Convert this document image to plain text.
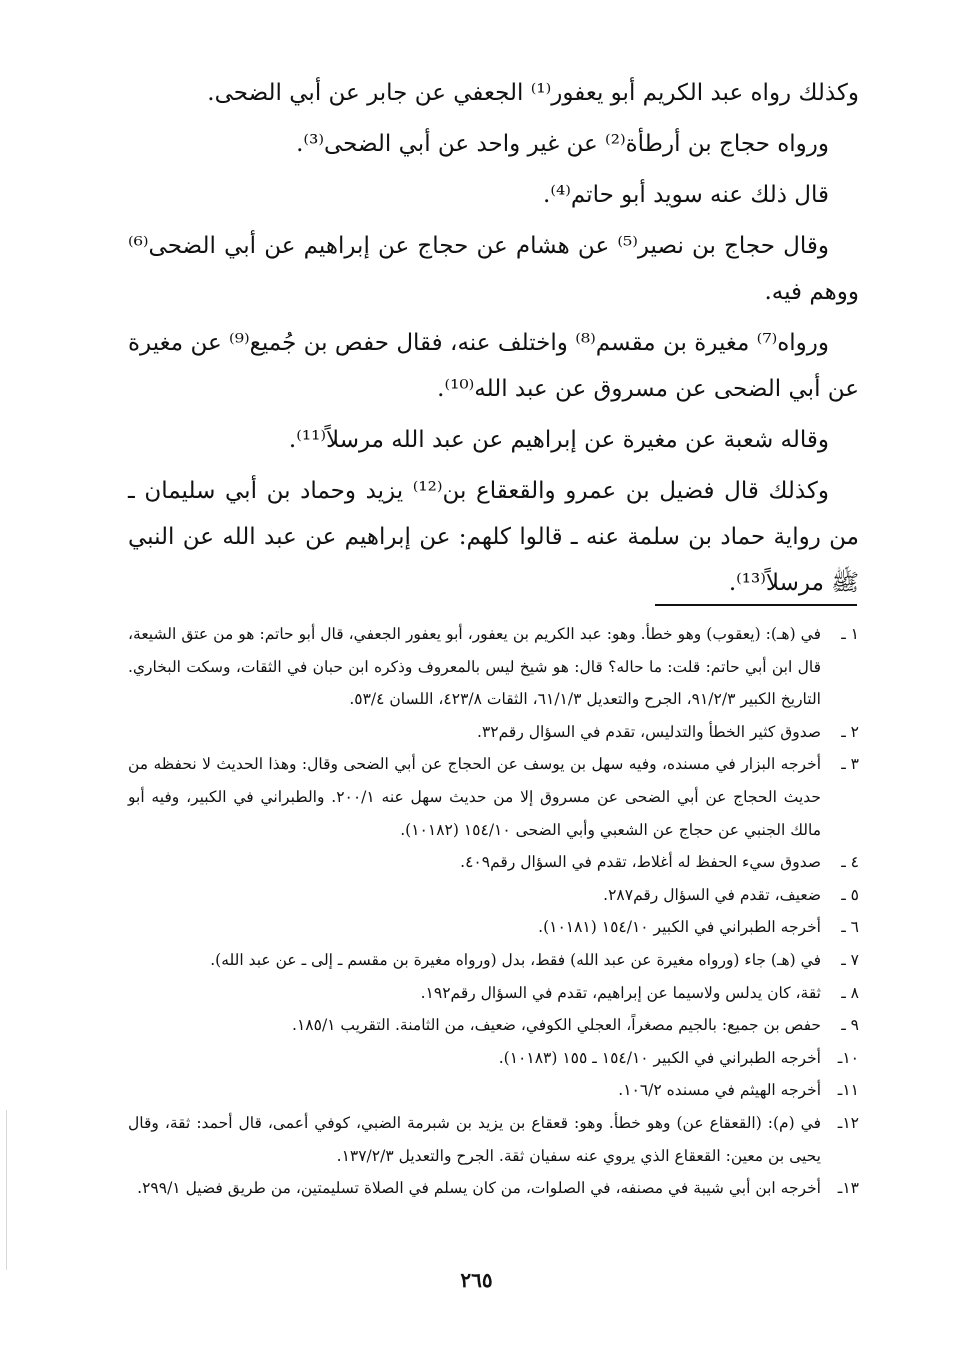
وكذلك رواه عبد الكريم أبو يعفور⁽¹⁾ الجعفي عن جابر عن أبي الضحى.

ورواه حجاج بن أرطأة⁽²⁾ عن غير واحد عن أبي الضحى⁽³⁾.

قال ذلك عنه سويد أبو حاتم⁽⁴⁾.

وقال حجاج بن نصير⁽⁵⁾ عن هشام عن حجاج عن إبراهيم عن أبي الضحى⁽⁶⁾ ووهم فيه.

ورواه⁽⁷⁾ مغيرة بن مقسم⁽⁸⁾ واختلف عنه، فقال حفص بن جُميع⁽⁹⁾ عن مغيرة عن أبي الضحى عن مسروق عن عبد الله⁽¹⁰⁾.

وقاله شعبة عن مغيرة عن إبراهيم عن عبد الله مرسلاً⁽¹¹⁾.

وكذلك قال فضيل بن عمرو والقعقاع بن⁽¹²⁾ يزيد وحماد بن أبي سليمان ـ من رواية حماد بن سلمة عنه ـ قالوا كلهم: عن إبراهيم عن عبد الله عن النبي ﷺ مرسلاً⁽¹³⁾.

١ ـ
في (هـ): (يعقوب) وهو خطأ. وهو: عبد الكريم بن يعفور، أبو يعفور الجعفي، قال أبو حاتم: هو من عتق الشيعة، قال ابن أبي حاتم: قلت: ما حاله؟ قال: هو شيخ ليس بالمعروف وذكره ابن حبان في الثقات، وسكت البخاري. التاريخ الكبير ٩١/٢/٣، الجرح والتعديل ٦١/١/٣، الثقات ٤٢٣/٨، اللسان ٥٣/٤.
٢ ـ
صدوق كثير الخطأ والتدليس، تقدم في السؤال رقم٣٢.
٣ ـ
أخرجه البزار في مسنده، وفيه سهل بن يوسف عن الحجاج عن أبي الضحى وقال: وهذا الحديث لا نحفظه من حديث الحجاج عن أبي الضحى عن مسروق إلا من حديث سهل عنه ٢٠٠/١. والطبراني في الكبير، وفيه أبو مالك الجنبي عن حجاج عن الشعبي وأبي الضحى ١٥٤/١٠ (١٠١٨٢).
٤ ـ
صدوق سيء الحفظ له أغلاط، تقدم في السؤال رقم٤٠٩.
٥ ـ
ضعيف، تقدم في السؤال رقم٢٨٧.
٦ ـ
أخرجه الطبراني في الكبير ١٥٤/١٠ (١٠١٨١).
٧ ـ
في (هـ) جاء (ورواه مغيرة عن عبد الله) فقط، بدل (ورواه مغيرة بن مقسم ـ إلى ـ عن عبد الله).
٨ ـ
ثقة، كان يدلس ولاسيما عن إبراهيم، تقدم في السؤال رقم١٩٢.
٩ ـ
حفص بن جميع: بالجيم مصغراً، العجلي الكوفي، ضعيف، من الثامنة. التقريب ١٨٥/١.
١٠ـ
أخرجه الطبراني في الكبير ١٥٤/١٠ ـ ١٥٥ (١٠١٨٣).
١١ـ
أخرجه الهيثم في مسنده ١٠٦/٢.
١٢ـ
في (م): (القعقاع عن) وهو خطأ. وهو: قعقاع بن يزيد بن شبرمة الضبي، كوفي أعمى، قال أحمد: ثقة، وقال يحيى بن معين: القعقاع الذي يروي عنه سفيان ثقة. الجرح والتعديل ١٣٧/٢/٣.
١٣ـ
أخرجه ابن أبي شيبة في مصنفه، في الصلوات، من كان يسلم في الصلاة تسليمتين، من طريق فضيل ٢٩٩/١.
٢٦٥
